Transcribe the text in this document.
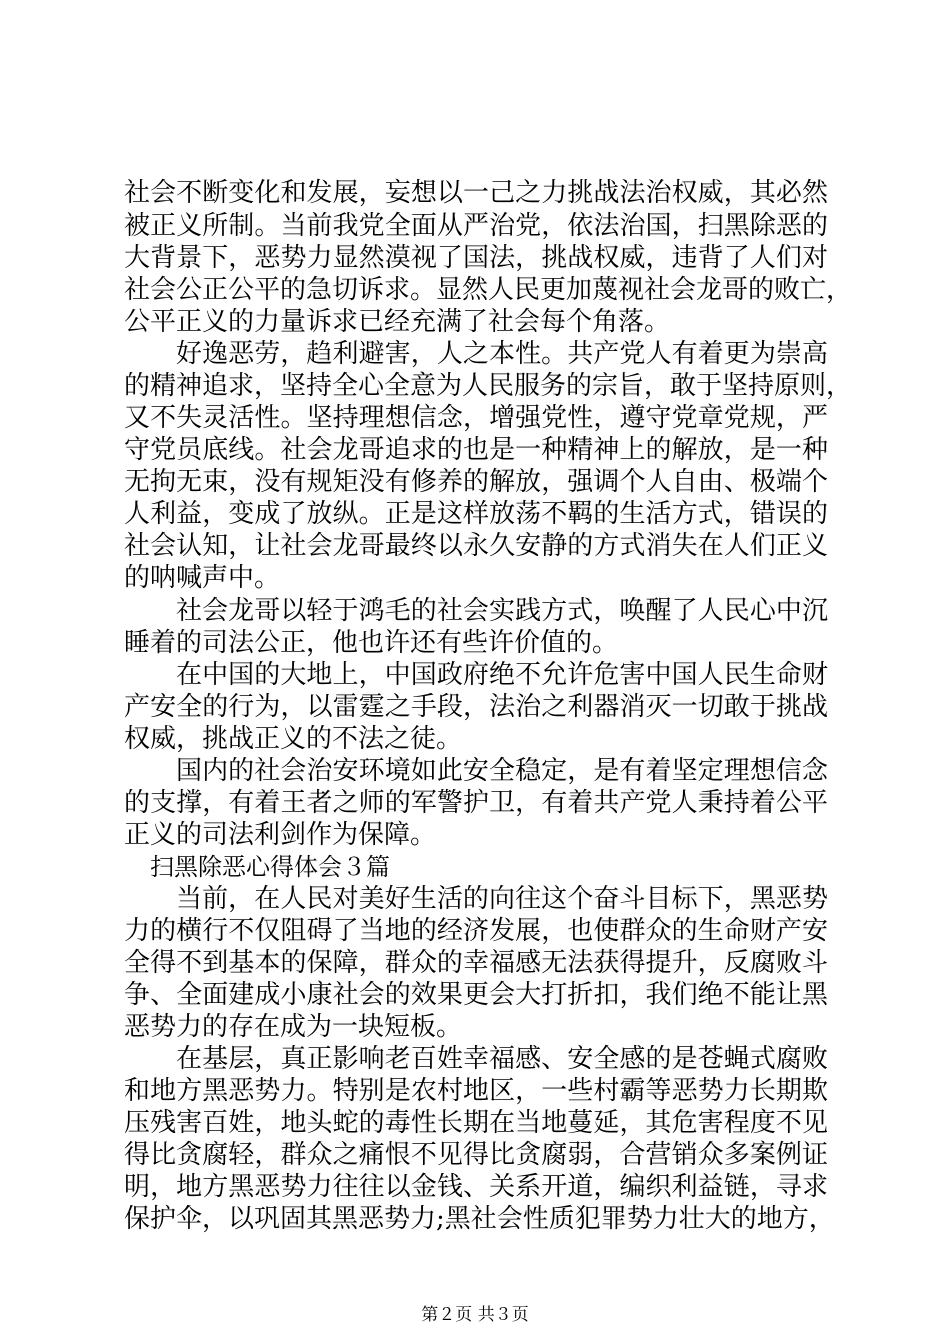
社会不断变化和发展，妄想以一己之力挑战法治权威，其必然
被正义所制。当前我党全面从严治党，依法治国，扫黑除恶的
大背景下，恶势力显然漠视了国法，挑战权威，违背了人们对
社会公正公平的急切诉求。显然人民更加蔑视社会龙哥的败亡，
公平正义的力量诉求已经充满了社会每个角落。
好逸恶劳，趋利避害，人之本性。共产党人有着更为崇高
的精神追求，坚持全心全意为人民服务的宗旨，敢于坚持原则，
又不失灵活性。坚持理想信念，增强党性，遵守党章党规，严
守党员底线。社会龙哥追求的也是一种精神上的解放，是一种
无拘无束，没有规矩没有修养的解放，强调个人自由、极端个
人利益，变成了放纵。正是这样放荡不羁的生活方式，错误的
社会认知，让社会龙哥最终以永久安静的方式消失在人们正义
的呐喊声中。
社会龙哥以轻于鸿毛的社会实践方式，唤醒了人民心中沉
睡着的司法公正，他也许还有些许价值的。
在中国的大地上，中国政府绝不允许危害中国人民生命财
产安全的行为，以雷霆之手段，法治之利器消灭一切敢于挑战
权威，挑战正义的不法之徒。
国内的社会治安环境如此安全稳定，是有着坚定理想信念
的支撑，有着王者之师的军警护卫，有着共产党人秉持着公平
正义的司法利剑作为保障。
扫黑除恶心得体会３篇
当前，在人民对美好生活的向往这个奋斗目标下，黑恶势
力的横行不仅阻碍了当地的经济发展，也使群众的生命财产安
全得不到基本的保障，群众的幸福感无法获得提升，反腐败斗
争、全面建成小康社会的效果更会大打折扣，我们绝不能让黑
恶势力的存在成为一块短板。
在基层，真正影响老百姓幸福感、安全感的是苍蝇式腐败
和地方黑恶势力。特别是农村地区，一些村霸等恶势力长期欺
压残害百姓，地头蛇的毒性长期在当地蔓延，其危害程度不见
得比贪腐轻，群众之痛恨不见得比贪腐弱，合营销众多案例证
明，地方黑恶势力往往以金钱、关系开道，编织利益链，寻求
保护伞，以巩固其黑恶势力;黑社会性质犯罪势力壮大的地方，
第２页 共３页
